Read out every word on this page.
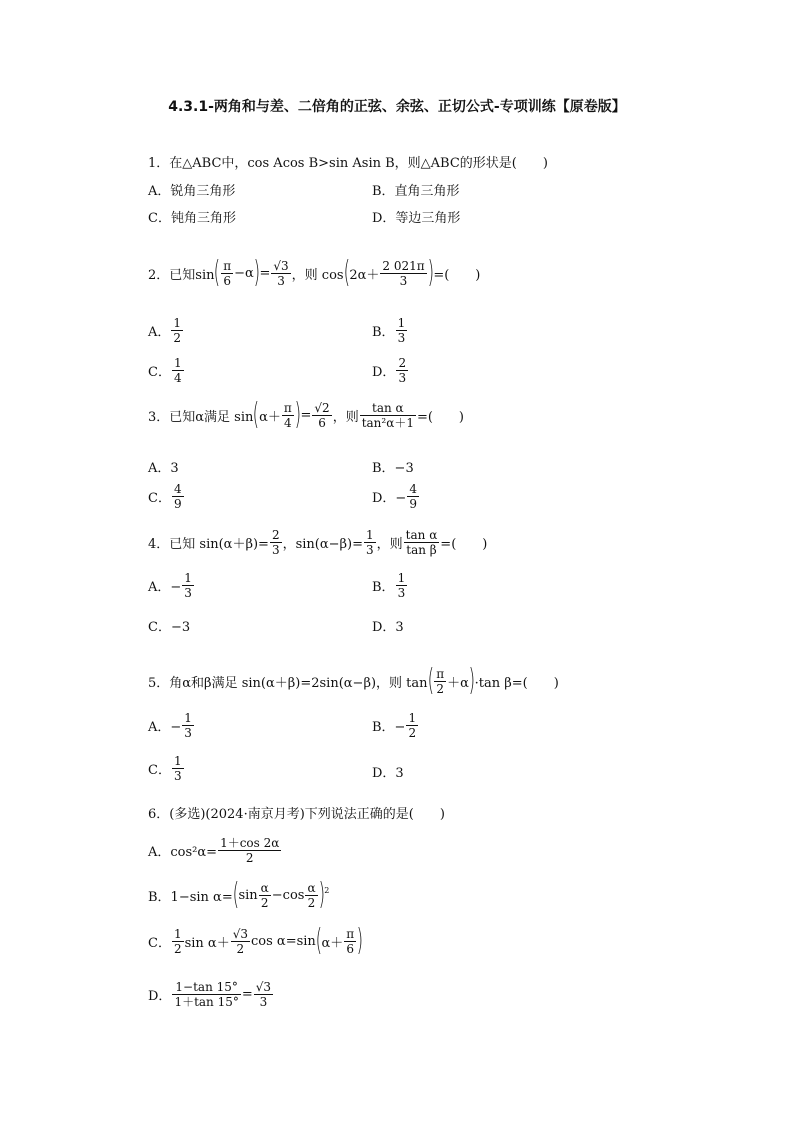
4.3.1-两角和与差、二倍角的正弦、余弦、正切公式-专项训练【原卷版】
1．在△ABC中，cos Acos B>sin Asin B，则△ABC的形状是(　　)
A．锐角三角形	B．直角三角形
C．钝角三角形	D．等边三角形
2．已知$\sin( \frac{\pi}{6} -\alpha)= \frac{√3}{3}$ ，则 $\cos(2\alpha+ \frac{2 021\pi}{3}$ )=(　　)
A． $\frac{1}{2}$	B． $\frac{1}{3}$
C． $\frac{1}{4}$	D． $\frac{2}{3}$
3．已知α满足 $\sin(\alpha+ \frac{\pi}{4}$ )= $\frac{√2}{6}$ ，则 $\frac{\text{tan α}}{\text{tan²α＋1}}$ =(　　)
A．3	B．−3
C． $\frac{4}{9}$	D．− $\frac{4}{9}$
4．已知 $\sin(\alpha+\beta)= \frac{2}{3}$ ，$\sin(\alpha-\beta)= \frac{1}{3}$ ，则 $\frac{\text{tan α}}{\text{tan β}}$ =(　　)
A．− $\frac{1}{3}$	B． $\frac{1}{3}$
C．−3	D．3
5．角α和β满足 sin(α＋β)=2sin(α−β)，则 $\tan( \frac{\pi}{2} +\alpha)\cdot\tan$ β=(　　)
A．− $\frac{1}{3}$	B．− $\frac{1}{2}$
C． $\frac{1}{3}$	D．3
6．(多选)(2024·南京月考)下列说法正确的是(　　)
A．$\cos^2\alpha= \frac{1+\cos 2\alpha}{2}$
B．1−sin $\alpha=(\sin \frac{\alpha}{2} -\cos \frac{\alpha}{2} )^2$
C． $\frac{1}{2}$ $\sin \alpha+ \frac{√3}{2}$ $\cos \alpha=\sin(\alpha+ \frac{\pi}{6}$ )
D． $\frac{1-\tan 15^\circ}{1+\tan 15^\circ} = \frac{√3}{3}$
